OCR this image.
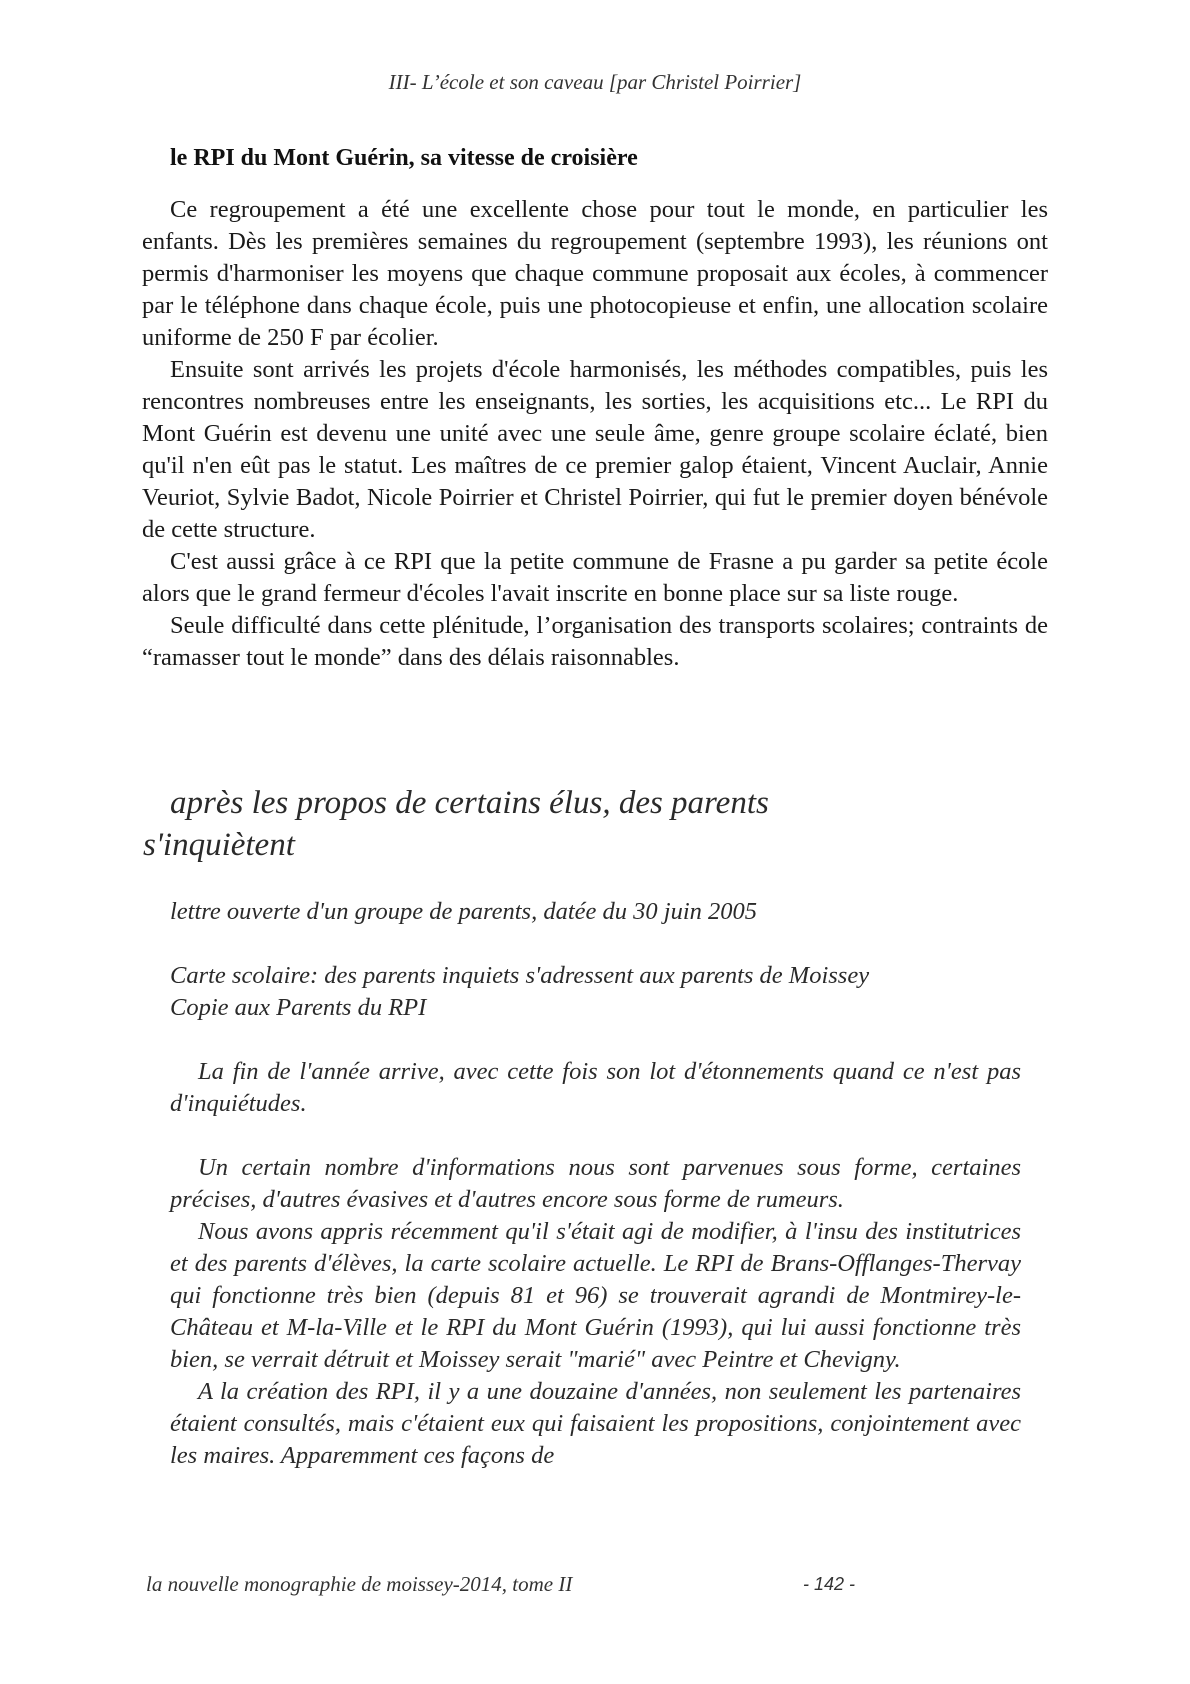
III- L’école et son caveau [par Christel Poirrier]
le RPI du Mont Guérin, sa vitesse de croisière

Ce regroupement a été une excellente chose pour tout le monde, en particulier les enfants. Dès les premières semaines du regroupement (septembre 1993), les réunions ont permis d'harmoniser les moyens que chaque commune proposait aux écoles, à commencer par le téléphone dans chaque école, puis une photocopieuse et enfin, une allocation scolaire uniforme de 250 F par écolier.

Ensuite sont arrivés les projets d'école harmonisés, les méthodes compatibles, puis les rencontres nombreuses entre les enseignants, les sorties, les acquisitions etc... Le RPI du Mont Guérin est devenu une unité avec une seule âme, genre groupe scolaire éclaté, bien qu'il n'en eût pas le statut. Les maîtres de ce premier galop étaient, Vincent Auclair, Annie Veuriot, Sylvie Badot, Nicole Poirrier et Christel Poirrier, qui fut le premier doyen bénévole de cette structure.

C'est aussi grâce à ce RPI que la petite commune de Frasne a pu garder sa petite école alors que le grand fermeur d'écoles l'avait inscrite en bonne place sur sa liste rouge.

Seule difficulté dans cette plénitude, l’organisation des transports scolaires; contraints de “ramasser tout le monde” dans des délais raisonnables.

après les propos de certains élus, des parents
s'inquiètent
lettre ouverte d'un groupe de parents, datée du 30 juin 2005
Carte scolaire: des parents inquiets s'adressent aux parents de Moissey
Copie aux Parents du RPI

La fin de l'année arrive, avec cette fois son lot d'étonnements quand ce n'est pas d'inquiétudes.

Un certain nombre d'informations nous sont parvenues sous forme, certaines précises, d'autres évasives et d'autres encore sous forme de rumeurs.

Nous avons appris récemment qu'il s'était agi de modifier, à l'insu des institutrices et des parents d'élèves, la carte scolaire actuelle. Le RPI de Brans-Offlanges-Thervay qui fonctionne très bien (depuis 81 et 96) se trouverait agrandi de Montmirey-le-Château et M-la-Ville et le RPI du Mont Guérin (1993), qui lui aussi fonctionne très bien, se verrait détruit et Moissey serait "marié" avec Peintre et Chevigny.

A la création des RPI, il y a une douzaine d'années, non seulement les partenaires étaient consultés, mais c'étaient eux qui faisaient les propositions, conjointement avec les maires. Apparemment ces façons de

la nouvelle monographie de moissey-2014, tome II	- 142 -
